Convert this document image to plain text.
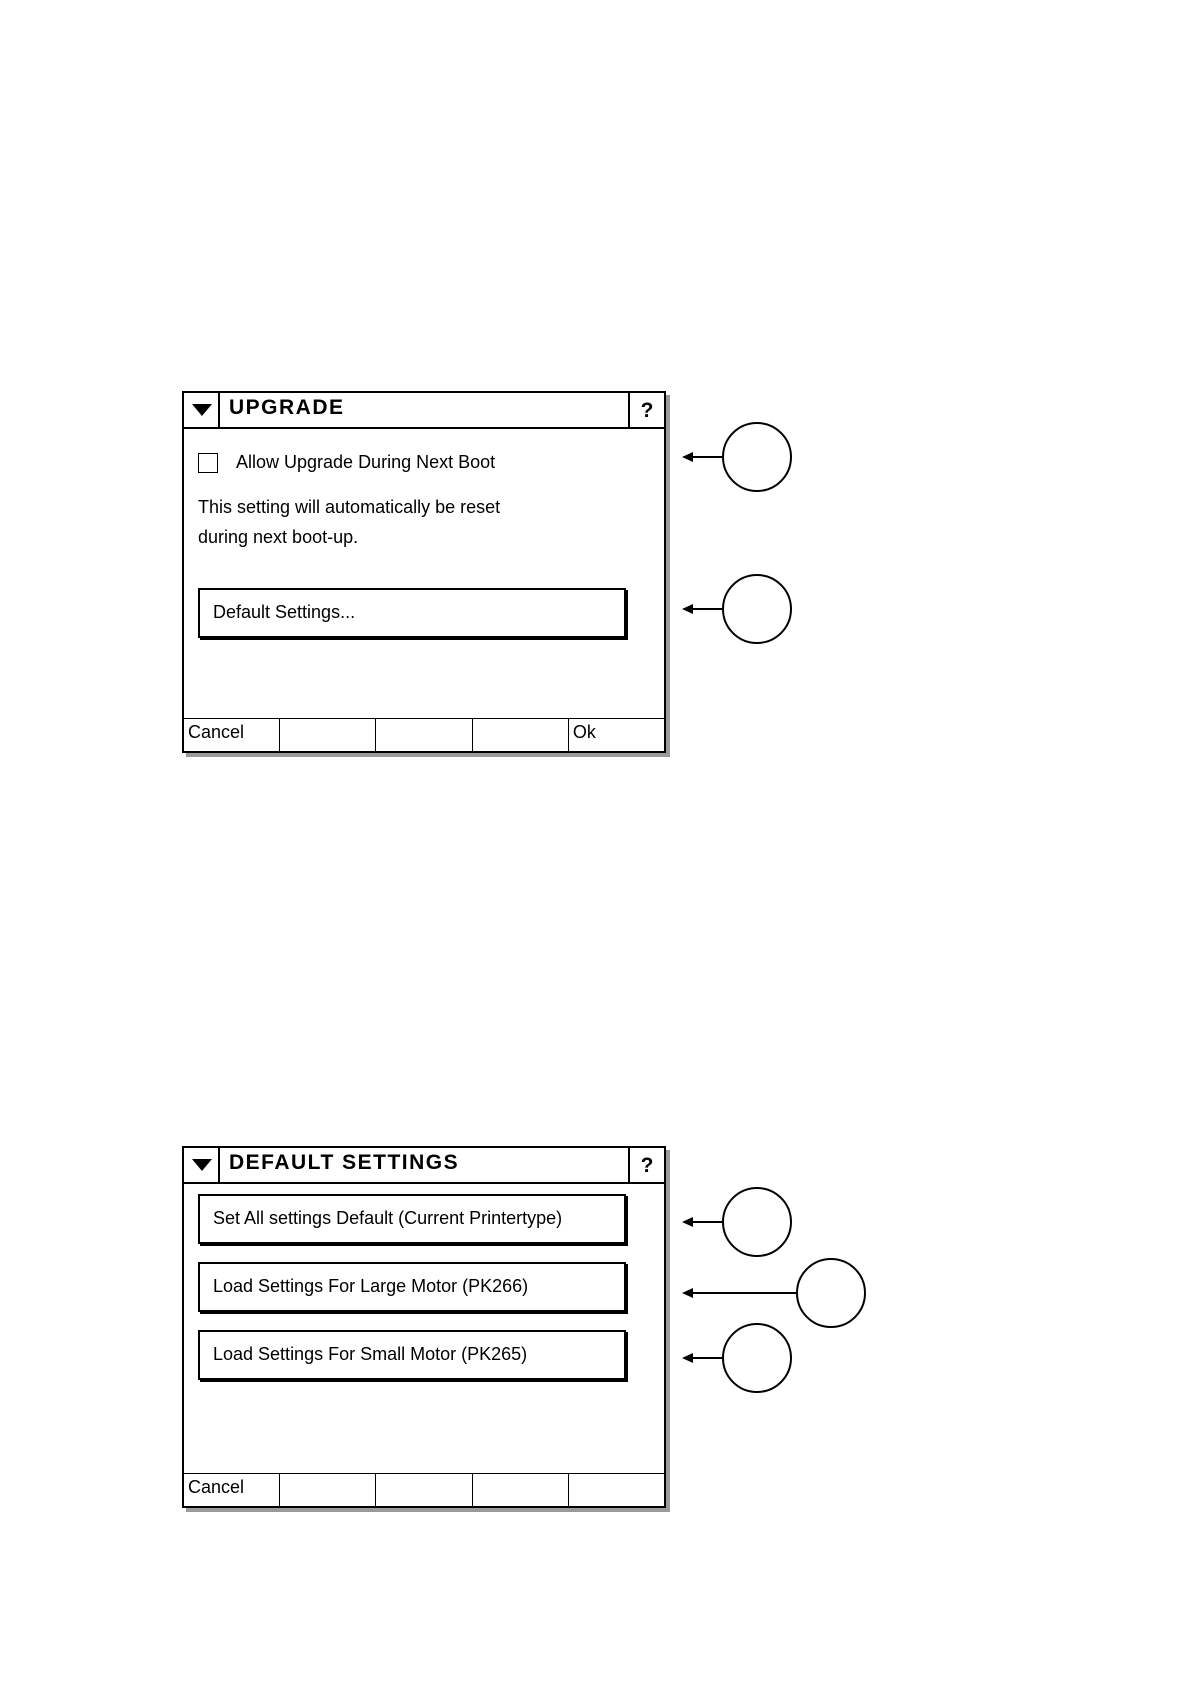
UPGRADE	?
Allow Upgrade During Next Boot
This setting will automatically be reset
during next boot-up.
Default Settings...
Cancel	Ok
DEFAULT SETTINGS	?
Set All settings Default (Current Printertype)
Load Settings For Large Motor (PK266)
Load Settings For Small Motor (PK265)
Cancel
